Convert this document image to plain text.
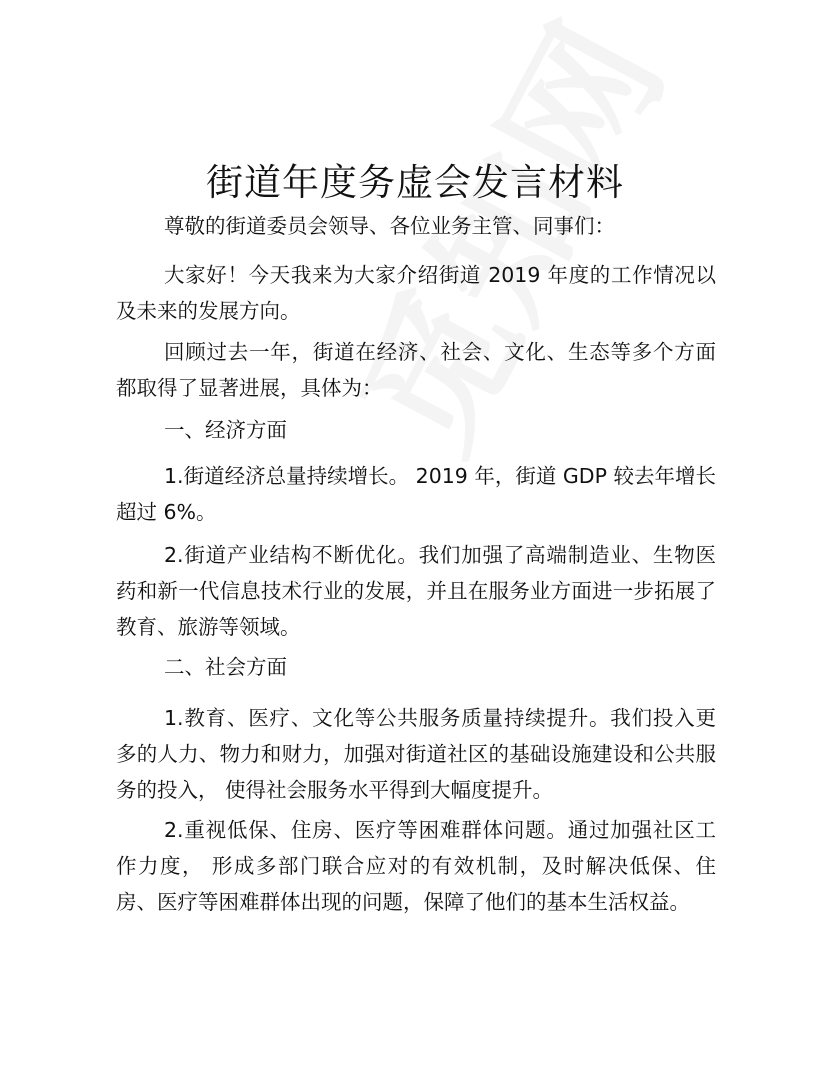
街道年度务虚会发言材料

尊敬的街道委员会领导、各位业务主管、同事们：

大家好！今天我来为大家介绍街道 2019 年度的工作情况以及未来的发展方向。

回顾过去一年，街道在经济、社会、文化、生态等多个方面都取得了显著进展，具体为：

一、经济方面

1.街道经济总量持续增长。 2019 年，街道 GDP 较去年增长超过 6%。

2.街道产业结构不断优化。我们加强了高端制造业、生物医药和新一代信息技术行业的发展，并且在服务业方面进一步拓展了教育、旅游等领域。

二、社会方面

1.教育、医疗、文化等公共服务质量持续提升。我们投入更多的人力、物力和财力，加强对街道社区的基础设施建设和公共服务的投入， 使得社会服务水平得到大幅度提升。

2.重视低保、住房、医疗等困难群体问题。通过加强社区工作力度， 形成多部门联合应对的有效机制，及时解决低保、住房、医疗等困难群体出现的问题，保障了他们的基本生活权益。
